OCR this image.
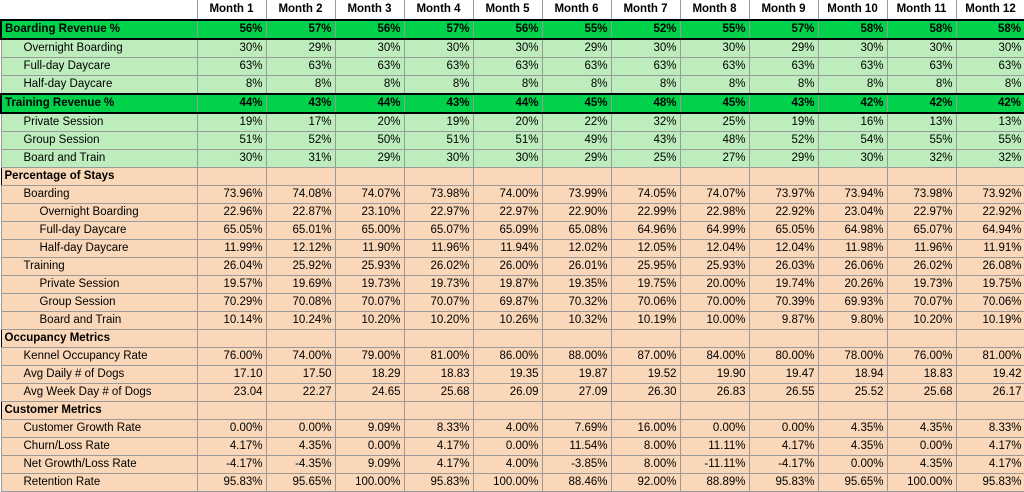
	Month 1	Month 2	Month 3	Month 4	Month 5	Month 6	Month 7	Month 8	Month 9	Month 10	Month 11	Month 12
Boarding Revenue %	56%	57%	56%	57%	56%	55%	52%	55%	57%	58%	58%	58%
Overnight Boarding	30%	29%	30%	30%	30%	29%	30%	30%	29%	30%	30%	30%
Full-day Daycare	63%	63%	63%	63%	63%	63%	63%	63%	63%	63%	63%	63%
Half-day Daycare	8%	8%	8%	8%	8%	8%	8%	8%	8%	8%	8%	8%
Training Revenue %	44%	43%	44%	43%	44%	45%	48%	45%	43%	42%	42%	42%
Private Session	19%	17%	20%	19%	20%	22%	32%	25%	19%	16%	13%	13%
Group Session	51%	52%	50%	51%	51%	49%	43%	48%	52%	54%	55%	55%
Board and Train	30%	31%	29%	30%	30%	29%	25%	27%	29%	30%	32%	32%
Percentage of Stays												
Boarding	73.96%	74.08%	74.07%	73.98%	74.00%	73.99%	74.05%	74.07%	73.97%	73.94%	73.98%	73.92%
Overnight Boarding	22.96%	22.87%	23.10%	22.97%	22.97%	22.90%	22.99%	22.98%	22.92%	23.04%	22.97%	22.92%
Full-day Daycare	65.05%	65.01%	65.00%	65.07%	65.09%	65.08%	64.96%	64.99%	65.05%	64.98%	65.07%	64.94%
Half-day Daycare	11.99%	12.12%	11.90%	11.96%	11.94%	12.02%	12.05%	12.04%	12.04%	11.98%	11.96%	11.91%
Training	26.04%	25.92%	25.93%	26.02%	26.00%	26.01%	25.95%	25.93%	26.03%	26.06%	26.02%	26.08%
Private Session	19.57%	19.69%	19.73%	19.73%	19.87%	19.35%	19.75%	20.00%	19.74%	20.26%	19.73%	19.75%
Group Session	70.29%	70.08%	70.07%	70.07%	69.87%	70.32%	70.06%	70.00%	70.39%	69.93%	70.07%	70.06%
Board and Train	10.14%	10.24%	10.20%	10.20%	10.26%	10.32%	10.19%	10.00%	9.87%	9.80%	10.20%	10.19%
Occupancy Metrics												
Kennel Occupancy Rate	76.00%	74.00%	79.00%	81.00%	86.00%	88.00%	87.00%	84.00%	80.00%	78.00%	76.00%	81.00%
Avg Daily # of Dogs	17.10	17.50	18.29	18.83	19.35	19.87	19.52	19.90	19.47	18.94	18.83	19.42
Avg Week Day # of Dogs	23.04	22.27	24.65	25.68	26.09	27.09	26.30	26.83	26.55	25.52	25.68	26.17
Customer Metrics												
Customer Growth Rate	0.00%	0.00%	9.09%	8.33%	4.00%	7.69%	16.00%	0.00%	0.00%	4.35%	4.35%	8.33%
Churn/Loss Rate	4.17%	4.35%	0.00%	4.17%	0.00%	11.54%	8.00%	11.11%	4.17%	4.35%	0.00%	4.17%
Net Growth/Loss Rate	-4.17%	-4.35%	9.09%	4.17%	4.00%	-3.85%	8.00%	-11.11%	-4.17%	0.00%	4.35%	4.17%
Retention Rate	95.83%	95.65%	100.00%	95.83%	100.00%	88.46%	92.00%	88.89%	95.83%	95.65%	100.00%	95.83%
